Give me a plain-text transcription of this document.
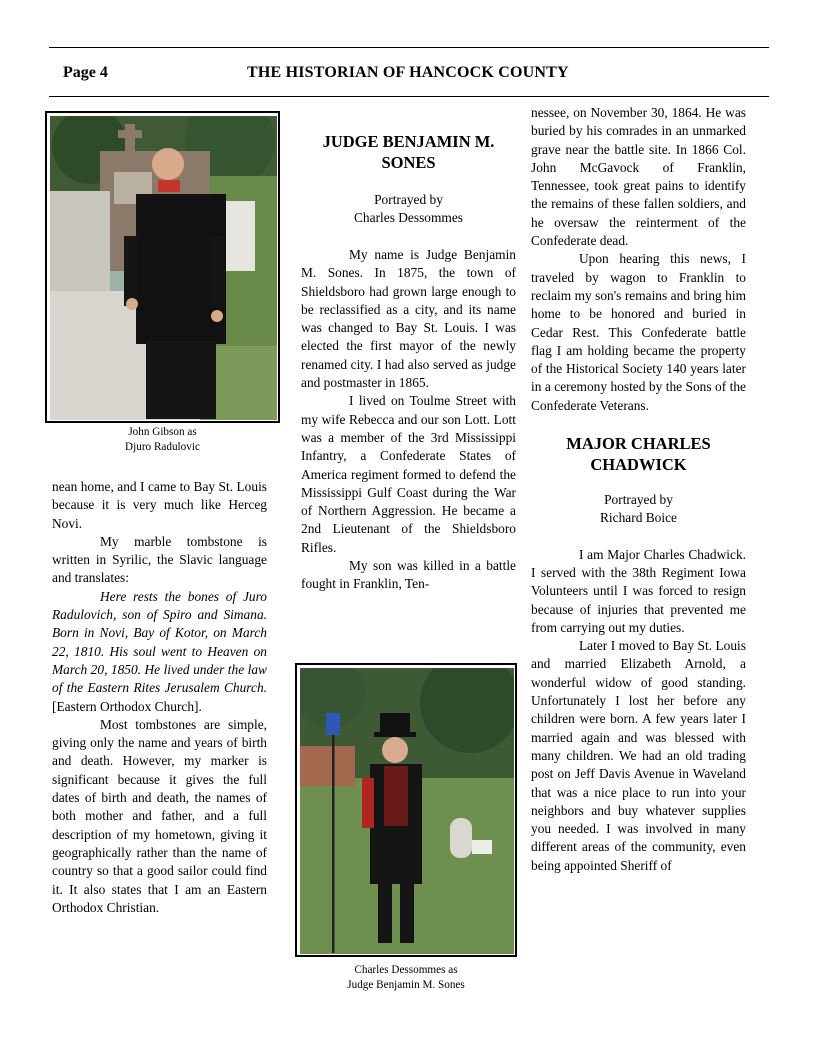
Page 4	THE HISTORIAN OF HANCOCK COUNTY
John Gibson as
Djuro Radulovic

nean home, and I came to Bay St. Louis because it is very much like Herceg Novi.

My marble tombstone is written in Syrilic, the Slavic language and translates:

Here rests the bones of Juro Radulovich, son of Spiro and Simana. Born in Novi, Bay of Kotor, on March 22, 1810. His soul went to Heaven on March 20, 1850. He lived under the law of the Eastern Rites Jerusalem Church. [Eastern Orthodox Church].

Most tombstones are simple, giving only the name and years of birth and death. However, my marker is significant because it gives the full dates of birth and death, the names of both mother and father, and a full description of my hometown, giving it geographically rather than the name of country so that a good sailor could find it. It also states that I am an Eastern Orthodox Christian.

JUDGE BENJAMIN M.
SONES
Portrayed by
Charles Dessommes

My name is Judge Benjamin M. Sones. In 1875, the town of Shieldsboro had grown large enough to be reclassified as a city, and its name was changed to Bay St. Louis. I was elected the first mayor of the newly renamed city. I had also served as judge and postmaster in 1865.

I lived on Toulme Street with my wife Rebecca and our son Lott. Lott was a member of the 3rd Mississippi Infantry, a Confederate States of America regiment formed to defend the Mississippi Gulf Coast during the War of Northern Aggression. He became a 2nd Lieutenant of the Shieldsboro Rifles.

My son was killed in a battle fought in Franklin, Ten-

Charles Dessommes as
Judge Benjamin M. Sones

nessee, on November 30, 1864. He was buried by his comrades in an unmarked grave near the battle site. In 1866 Col. John McGavock of Franklin, Tennessee, took great pains to identify the remains of these fallen soldiers, and he oversaw the reinterment of the Confederate dead.

Upon hearing this news, I traveled by wagon to Franklin to reclaim my son's remains and bring him home to be honored and buried in Cedar Rest. This Confederate battle flag I am holding became the property of the Historical Society 140 years later in a ceremony hosted by the Sons of the Confederate Veterans.

MAJOR CHARLES
CHADWICK
Portrayed by
Richard Boice

I am Major Charles Chadwick. I served with the 38th Regiment Iowa Volunteers until I was forced to resign because of injuries that prevented me from carrying out my duties.

Later I moved to Bay St. Louis and married Elizabeth Arnold, a wonderful widow of good standing. Unfortunately I lost her before any children were born. A few years later I married again and was blessed with many children. We had an old trading post on Jeff Davis Avenue in Waveland that was a nice place to run into your neighbors and buy whatever supplies you needed. I was involved in many different areas of the community, even being appointed Sheriff of
